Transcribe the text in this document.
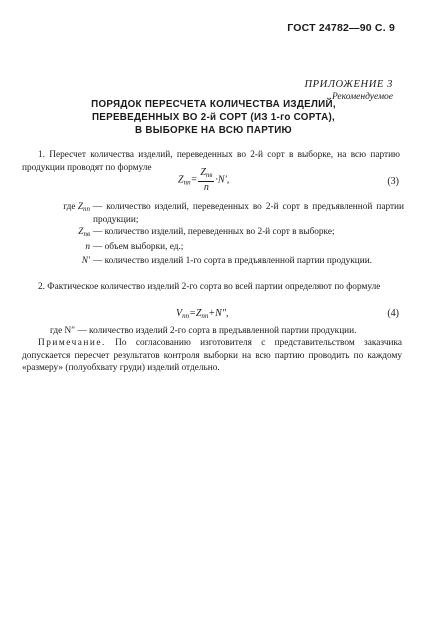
ГОСТ 24782—90 С. 9
ПРИЛОЖЕНИЕ 3
Рекомендуемое
ПОРЯДОК ПЕРЕСЧЕТА КОЛИЧЕСТВА ИЗДЕЛИЙ,
ПЕРЕВЕДЕННЫХ ВО 2-й СОРТ (ИЗ 1-го СОРТА),
В ВЫБОРКЕ НА ВСЮ ПАРТИЮ
1. Пересчет количества изделий, переведенных во 2-й сорт в выборке, на всю партию продукции проводят по формуле
$Z_{пп}= \frac{Z_{пв}}{n} \cdot N'$,	(3)
где $Z_{пп}$ — количество изделий, переведенных во 2-й сорт в предъявленной партии продукции;
$Z_{пв}$ — количество изделий, переведенных во 2-й сорт в выборке;
n — объем выборки, ед.;
N′ — количество изделий 1-го сорта в предъявленной партии продукции.
2. Фактическое количество изделий 2-го сорта во всей партии определяют по формуле
$V_{пп}=Z_{пп}+N''$,	(4)
где N″ — количество изделий 2-го сорта в предъявленной партии продукции.
Примечание. По согласованию изготовителя с представительством заказчика допускается пересчет результатов контроля выборки на всю партию проводить по каждому «размеру» (полуобхвату груди) изделий отдельно.
